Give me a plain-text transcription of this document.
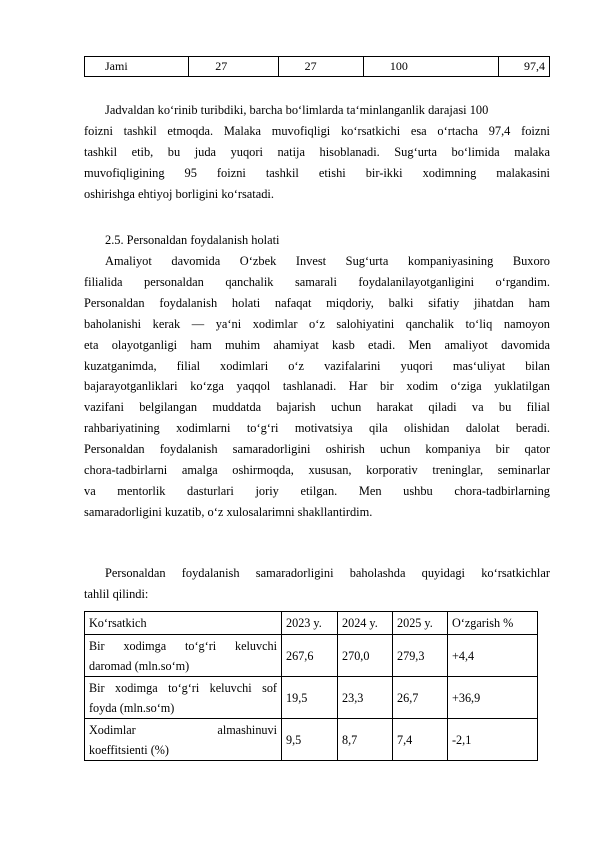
Jami	27	27	100	97,4
Jadvaldan ko‘rinib turibdiki, barcha bo‘limlarda ta‘minlanganlik darajasi 100
foizni tashkil etmoqda. Malaka muvofiqligi ko‘rsatkichi esa o‘rtacha 97,4 foizni
tashkil etib, bu juda yuqori natija hisoblanadi. Sug‘urta bo‘limida malaka
muvofiqligining 95 foizni tashkil etishi bir-ikki xodimning malakasini
oshirishga ehtiyoj borligini ko‘rsatadi.
2.5. Personaldan foydalanish holati
Amaliyot davomida O‘zbek Invest Sug‘urta kompaniyasining Buxoro
filialida personaldan qanchalik samarali foydalanilayotganligini o‘rgandim.
Personaldan foydalanish holati nafaqat miqdoriy, balki sifatiy jihatdan ham
baholanishi kerak — ya‘ni xodimlar o‘z salohiyatini qanchalik to‘liq namoyon
eta olayotganligi ham muhim ahamiyat kasb etadi. Men amaliyot davomida
kuzatganimda, filial xodimlari o‘z vazifalarini yuqori mas‘uliyat bilan
bajarayotganliklari ko‘zga yaqqol tashlanadi. Har bir xodim o‘ziga yuklatilgan
vazifani belgilangan muddatda bajarish uchun harakat qiladi va bu filial
rahbariyatining xodimlarni to‘g‘ri motivatsiya qila olishidan dalolat beradi.
Personaldan foydalanish samaradorligini oshirish uchun kompaniya bir qator
chora-tadbirlarni amalga oshirmoqda, xususan, korporativ treninglar, seminarlar
va mentorlik dasturlari joriy etilgan. Men ushbu chora-tadbirlarning
samaradorligini kuzatib, o‘z xulosalarimni shakllantirdim.
Personaldan foydalanish samaradorligini baholashda quyidagi ko‘rsatkichlar
tahlil qilindi:
Ko‘rsatkich	2023 y.	2024 y.	2025 y.	O‘zgarish %

Bir xodimga to‘g‘ri keluvchi
daromad (mln.so‘m)	267,6	270,0	279,3	+4,4

Bir xodimga to‘g‘ri keluvchi sof
foyda (mln.so‘m)	19,5	23,3	26,7	+36,9

Xodimlar almashinuvi
koeffitsienti (%)	9,5	8,7	7,4	-2,1
